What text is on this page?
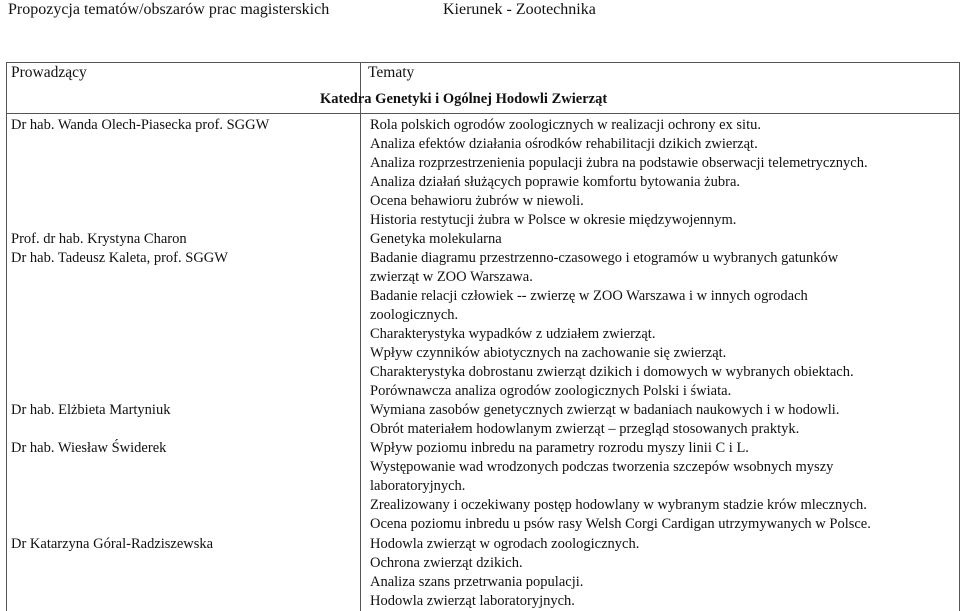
Propozycja tematów/obszarów prac magisterskich	Kierunek - Zootechnika
Prowadzący	Tematy
Katedra Genetyki i Ogólnej Hodowli Zwierząt
Dr hab. Wanda Olech-Piasecka prof. SGGW
Prof. dr hab. Krystyna Charon
Dr hab. Tadeusz Kaleta, prof. SGGW
Dr hab. Elżbieta Martyniuk
Dr hab. Wiesław Świderek
Dr Katarzyna Góral-Radziszewska
Rola polskich ogrodów zoologicznych w realizacji ochrony ex situ.
Analiza efektów działania ośrodków rehabilitacji dzikich zwierząt.
Analiza rozprzestrzenienia populacji żubra na podstawie obserwacji telemetrycznych.
Analiza działań służących poprawie komfortu bytowania żubra.
Ocena behawioru żubrów w niewoli.
Historia restytucji żubra w Polsce w okresie międzywojennym.
Genetyka molekularna
Badanie diagramu przestrzenno-czasowego i etogramów u wybranych gatunków
zwierząt w ZOO Warszawa.
Badanie relacji człowiek -- zwierzę w ZOO Warszawa i w innych ogrodach
zoologicznych.
Charakterystyka wypadków z udziałem zwierząt.
Wpływ czynników abiotycznych na zachowanie się zwierząt.
Charakterystyka dobrostanu zwierząt dzikich i domowych w wybranych obiektach.
Porównawcza analiza ogrodów zoologicznych Polski i świata.
Wymiana zasobów genetycznych zwierząt w badaniach naukowych i w hodowli.
Obrót materiałem hodowlanym zwierząt – przegląd stosowanych praktyk.
Wpływ poziomu inbredu na parametry rozrodu myszy linii C i L.
Występowanie wad wrodzonych podczas tworzenia szczepów wsobnych myszy
laboratoryjnych.
Zrealizowany i oczekiwany postęp hodowlany w wybranym stadzie krów mlecznych.
Ocena poziomu inbredu u psów rasy Welsh Corgi Cardigan utrzymywanych w Polsce.
Hodowla zwierząt w ogrodach zoologicznych.
Ochrona zwierząt dzikich.
Analiza szans przetrwania populacji.
Hodowla zwierząt laboratoryjnych.
